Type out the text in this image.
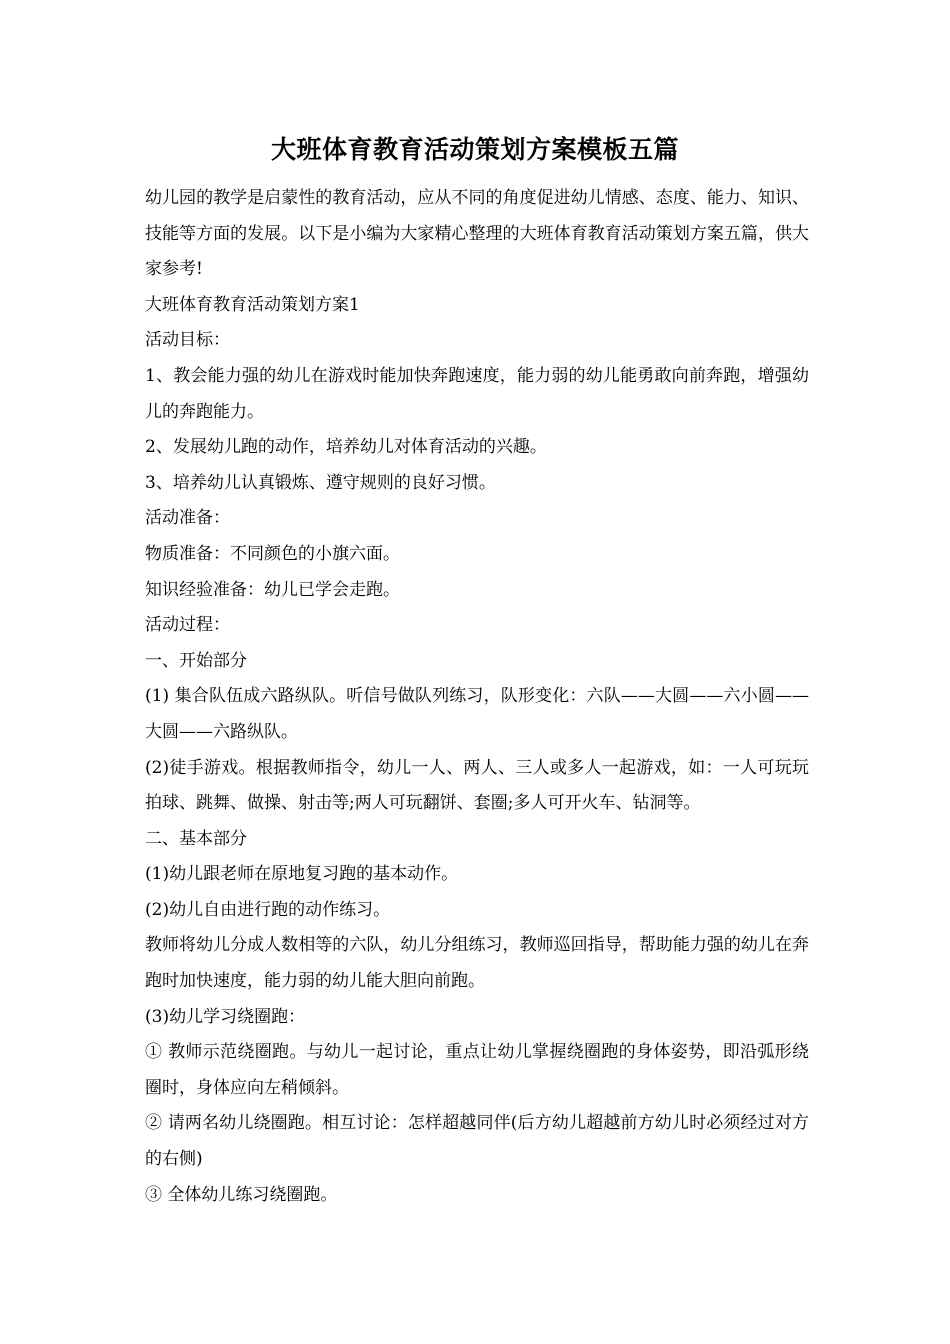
大班体育教育活动策划方案模板五篇

幼儿园的教学是启蒙性的教育活动，应从不同的角度促进幼儿情感、态度、能力、知识、技能等方面的发展。以下是小编为大家精心整理的大班体育教育活动策划方案五篇，供大家参考!

大班体育教育活动策划方案1

活动目标：

1、教会能力强的幼儿在游戏时能加快奔跑速度，能力弱的幼儿能勇敢向前奔跑，增强幼儿的奔跑能力。

2、发展幼儿跑的动作，培养幼儿对体育活动的兴趣。

3、培养幼儿认真锻炼、遵守规则的良好习惯。

活动准备：

物质准备：不同颜色的小旗六面。

知识经验准备：幼儿已学会走跑。

活动过程：

一、开始部分

(1) 集合队伍成六路纵队。听信号做队列练习，队形变化：六队——大圆——六小圆——大圆——六路纵队。

(2)徒手游戏。根据教师指令，幼儿一人、两人、三人或多人一起游戏，如：一人可玩玩拍球、跳舞、做操、射击等;两人可玩翻饼、套圈;多人可开火车、钻洞等。

二、基本部分

(1)幼儿跟老师在原地复习跑的基本动作。

(2)幼儿自由进行跑的动作练习。

教师将幼儿分成人数相等的六队，幼儿分组练习，教师巡回指导，帮助能力强的幼儿在奔跑时加快速度，能力弱的幼儿能大胆向前跑。

(3)幼儿学习绕圈跑：

① 教师示范绕圈跑。与幼儿一起讨论，重点让幼儿掌握绕圈跑的身体姿势，即沿弧形绕圈时，身体应向左稍倾斜。

② 请两名幼儿绕圈跑。相互讨论：怎样超越同伴(后方幼儿超越前方幼儿时必须经过对方的右侧)

③ 全体幼儿练习绕圈跑。
